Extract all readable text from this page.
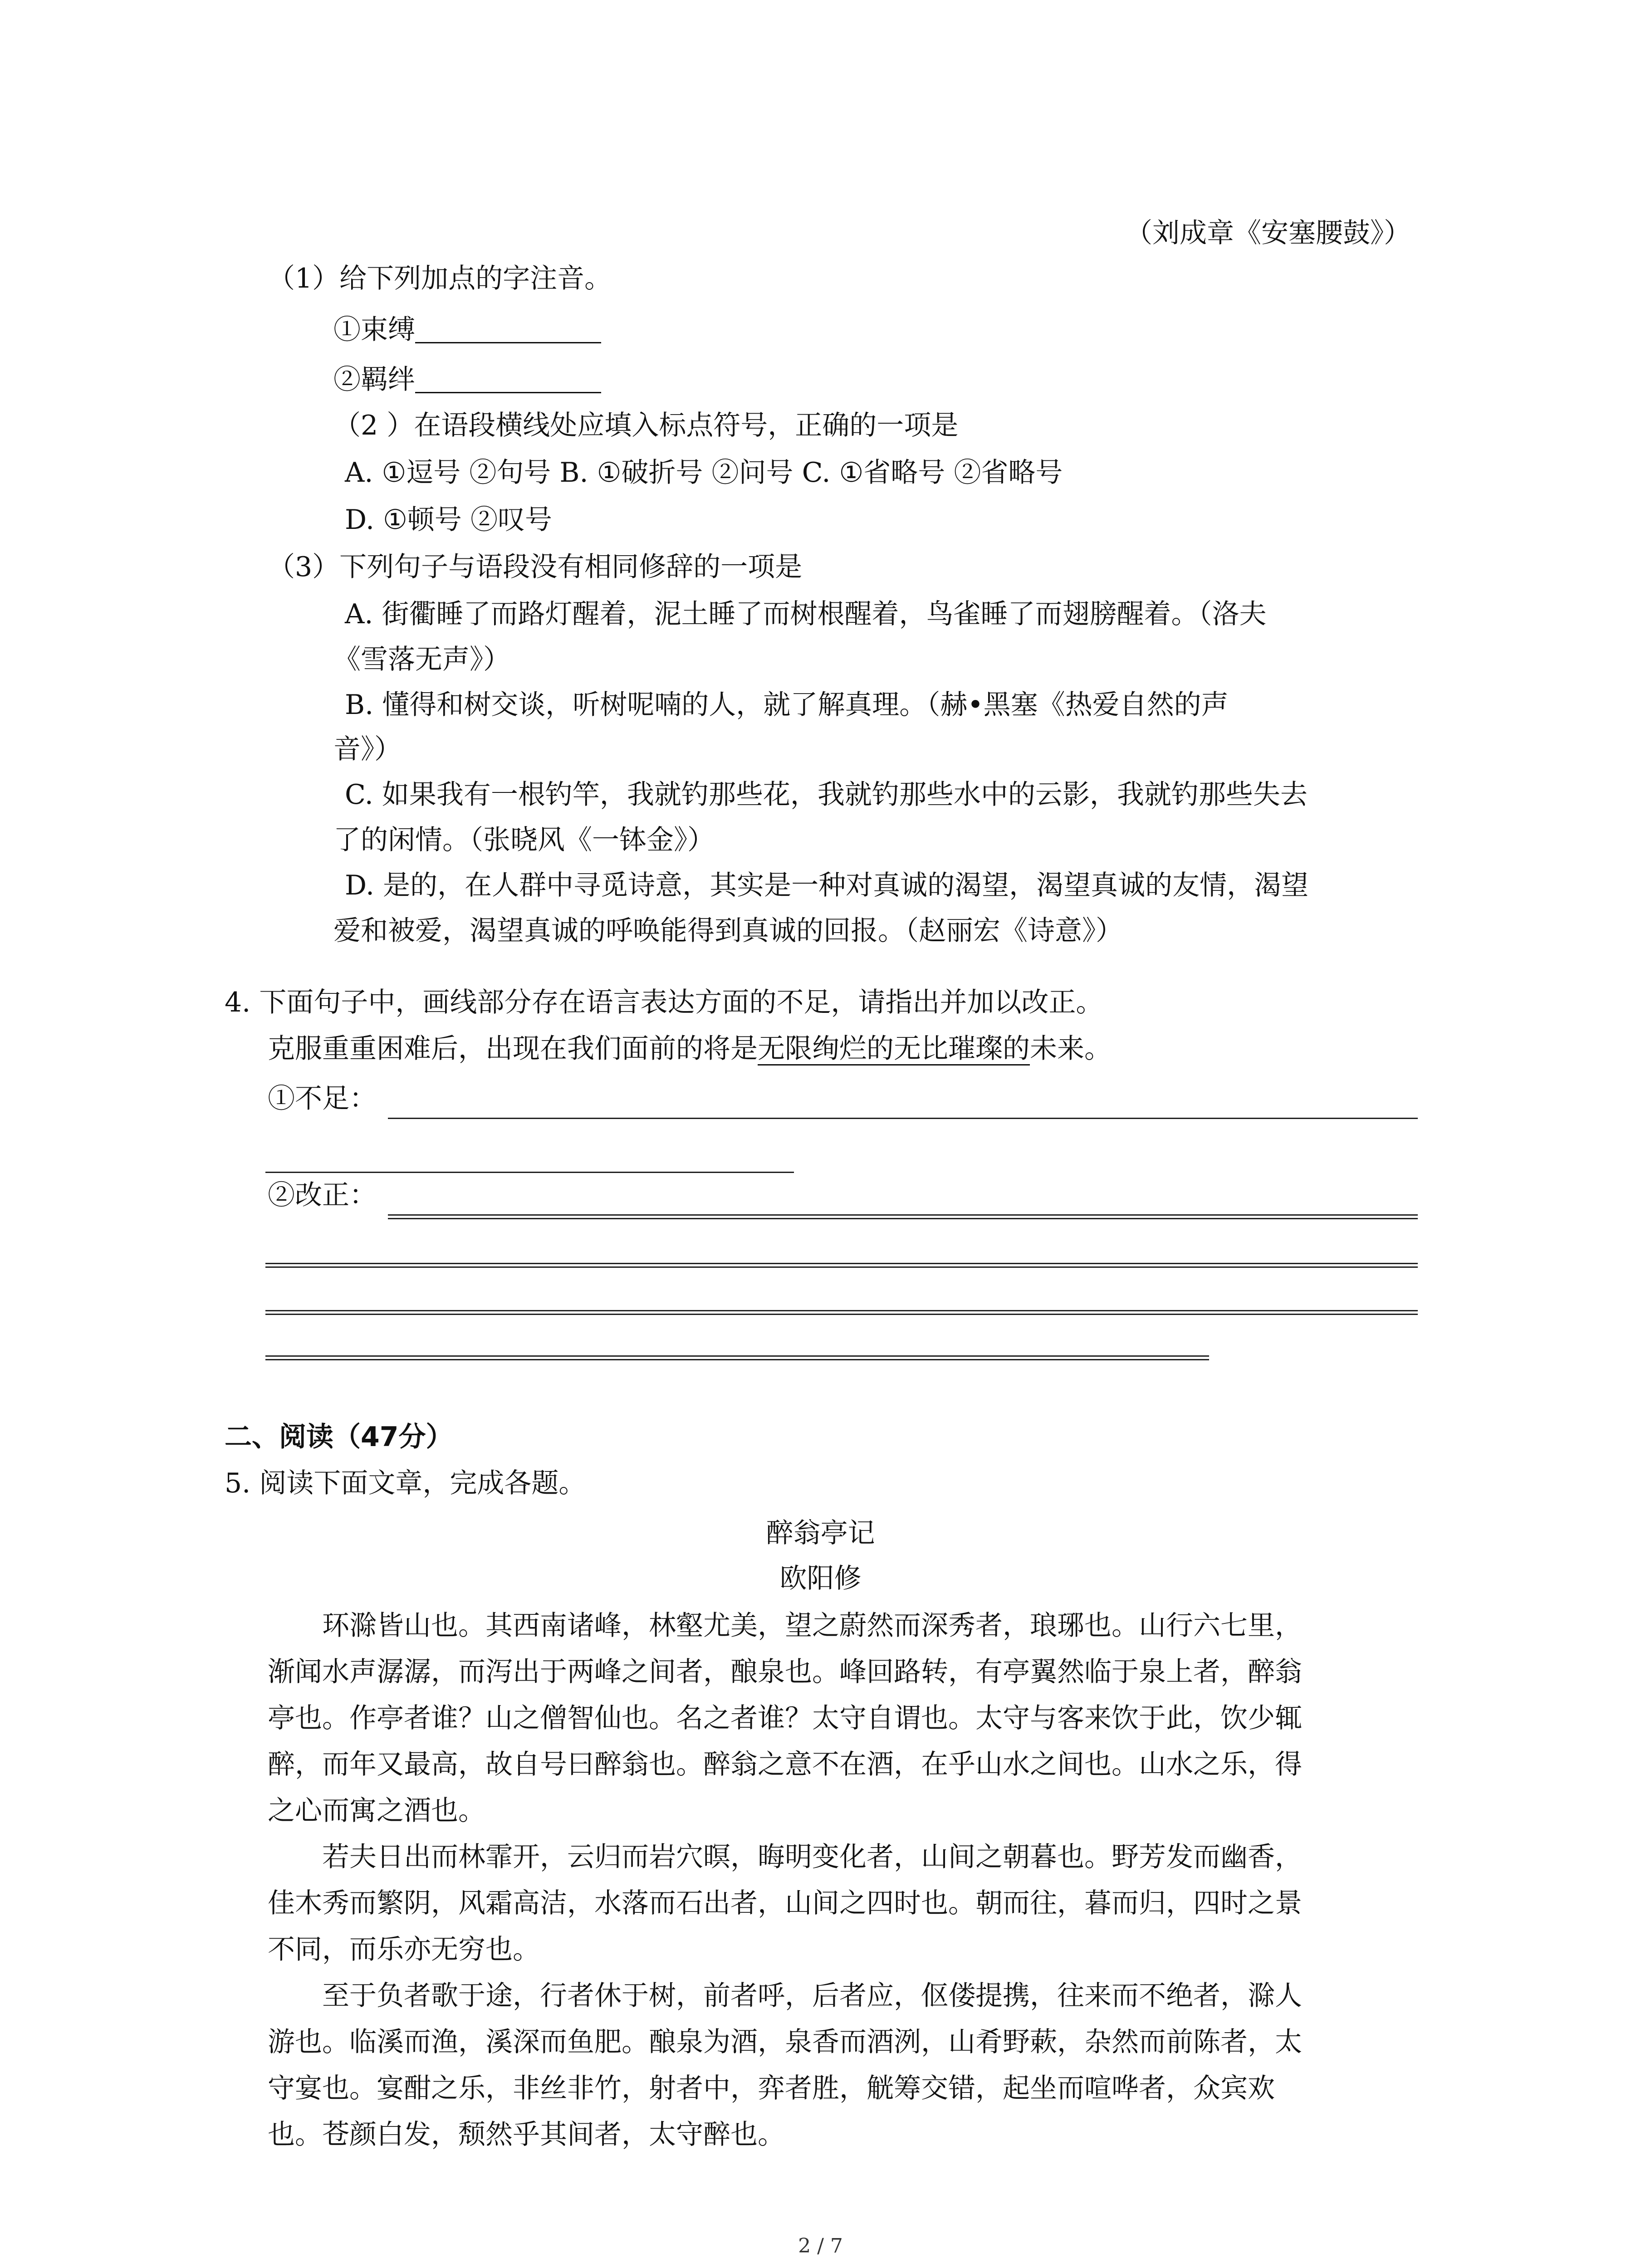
（刘成章《安塞腰鼓》）
（1）给下列加点的字注音。
①束缚
②羁绊
（2 ）在语段横线处应填入标点符号，正确的一项是
A. ①逗号 ②句号 B. ①破折号 ②问号 C. ①省略号 ②省略号
D. ①顿号 ②叹号
（3）下列句子与语段没有相同修辞的一项是
A. 街衢睡了而路灯醒着，泥土睡了而树根醒着，鸟雀睡了而翅膀醒着。（洛夫
《雪落无声》）
B. 懂得和树交谈，听树呢喃的人，就了解真理。（赫•黑塞《热爱自然的声
音》）
C. 如果我有一根钓竿，我就钓那些花，我就钓那些水中的云影，我就钓那些失去
了的闲情。（张晓风《一钵金》）
D. 是的，在人群中寻觅诗意，其实是一种对真诚的渴望，渴望真诚的友情，渴望
爱和被爱，渴望真诚的呼唤能得到真诚的回报。（赵丽宏《诗意》）
4. 下面句子中，画线部分存在语言表达方面的不足，请指出并加以改正。
克服重重困难后，出现在我们面前的将是无限绚烂的无比璀璨的未来。
①不足：
②改正：
二、阅读（47分）
5. 阅读下面文章，完成各题。
醉翁亭记
欧阳修
环滁皆山也。其西南诸峰，林壑尤美，望之蔚然而深秀者，琅琊也。山行六七里，
渐闻水声潺潺，而泻出于两峰之间者，酿泉也。峰回路转，有亭翼然临于泉上者，醉翁
亭也。作亭者谁？山之僧智仙也。名之者谁？太守自谓也。太守与客来饮于此，饮少辄
醉，而年又最高，故自号曰醉翁也。醉翁之意不在酒，在乎山水之间也。山水之乐，得
之心而寓之酒也。
若夫日出而林霏开，云归而岩穴暝，晦明变化者，山间之朝暮也。野芳发而幽香，
佳木秀而繁阴，风霜高洁，水落而石出者，山间之四时也。朝而往，暮而归，四时之景
不同，而乐亦无穷也。
至于负者歌于途，行者休于树，前者呼，后者应，伛偻提携，往来而不绝者，滁人
游也。临溪而渔，溪深而鱼肥。酿泉为酒，泉香而酒洌，山肴野蔌，杂然而前陈者，太
守宴也。宴酣之乐，非丝非竹，射者中，弈者胜，觥筹交错，起坐而喧哗者，众宾欢
也。苍颜白发，颓然乎其间者，太守醉也。
2 / 7
